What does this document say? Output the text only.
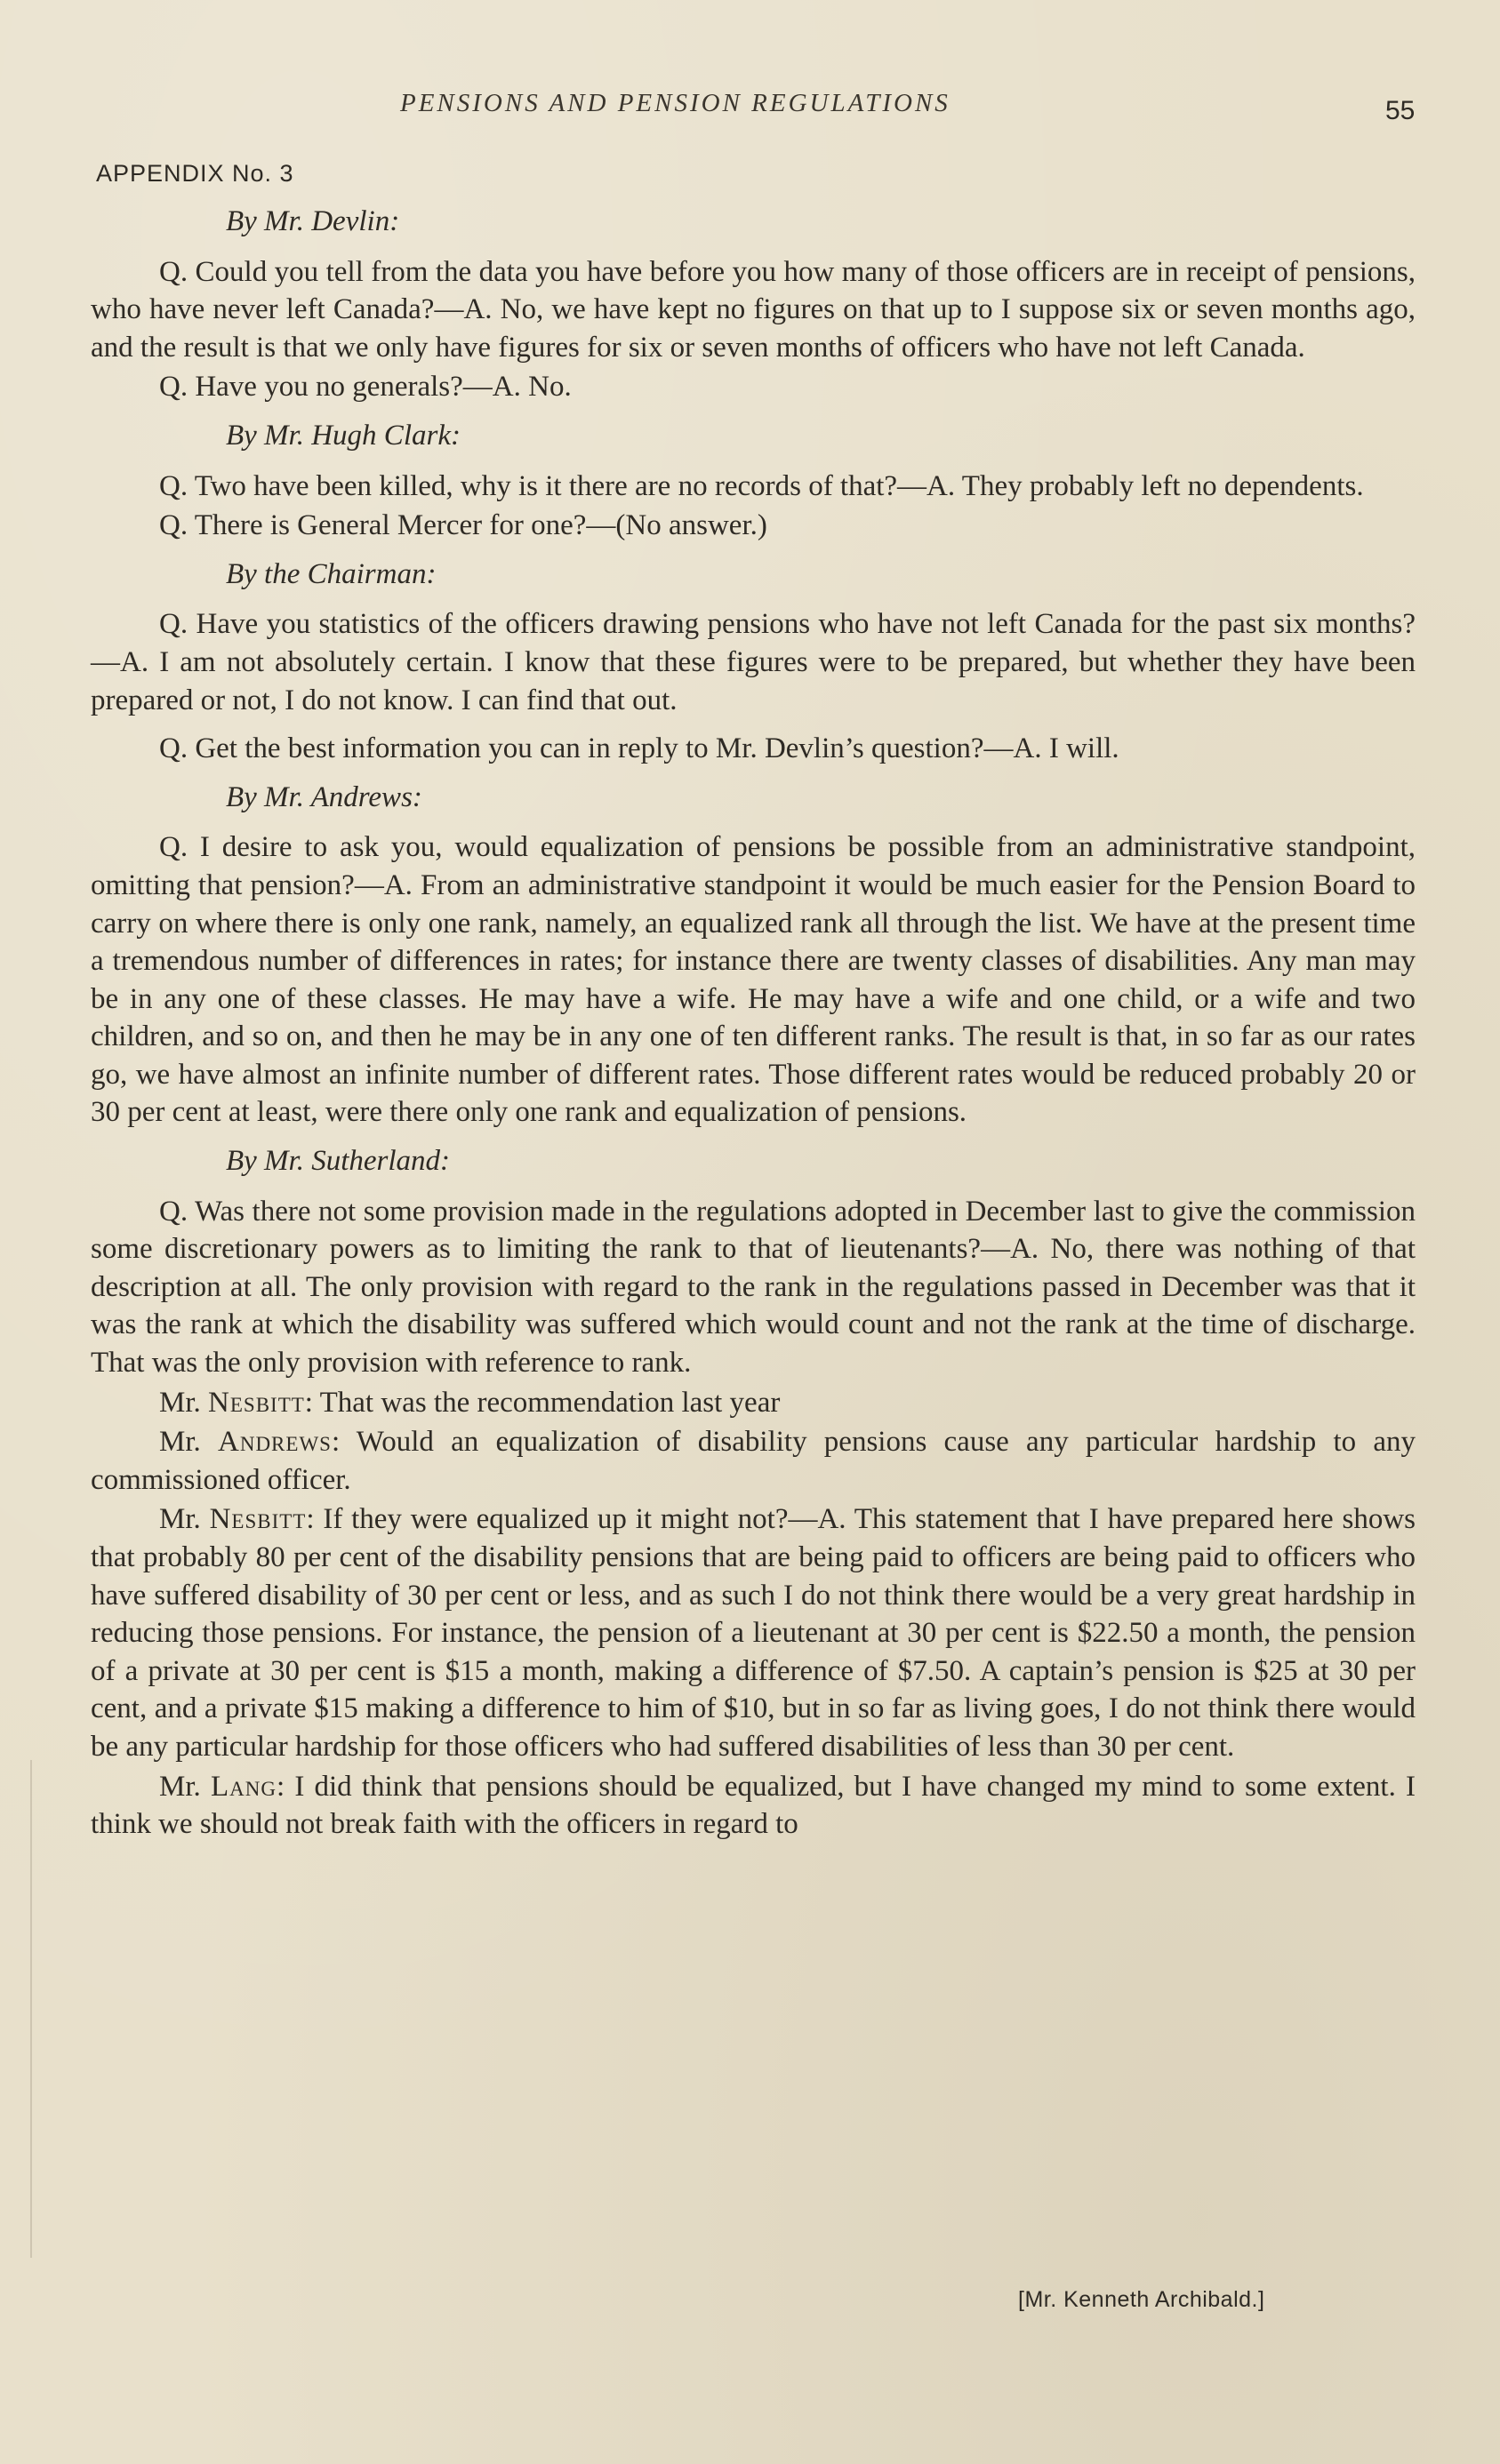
PENSIONS AND PENSION REGULATIONS	55
APPENDIX No. 3
By Mr. Devlin:

Q. Could you tell from the data you have before you how many of those officers are in receipt of pensions, who have never left Canada?—A. No, we have kept no figures on that up to I suppose six or seven months ago, and the result is that we only have figures for six or seven months of officers who have not left Canada.

Q. Have you no generals?—A. No.

By Mr. Hugh Clark:

Q. Two have been killed, why is it there are no records of that?—A. They probably left no dependents.

Q. There is General Mercer for one?—(No answer.)

By the Chairman:

Q. Have you statistics of the officers drawing pensions who have not left Canada for the past six months?—A. I am not absolutely certain. I know that these figures were to be prepared, but whether they have been prepared or not, I do not know. I can find that out.

Q. Get the best information you can in reply to Mr. Devlin’s question?—A. I will.

By Mr. Andrews:

Q. I desire to ask you, would equalization of pensions be possible from an administrative standpoint, omitting that pension?—A. From an administrative standpoint it would be much easier for the Pension Board to carry on where there is only one rank, namely, an equalized rank all through the list. We have at the present time a tremendous number of differences in rates; for instance there are twenty classes of disabilities. Any man may be in any one of these classes. He may have a wife. He may have a wife and one child, or a wife and two children, and so on, and then he may be in any one of ten different ranks. The result is that, in so far as our rates go, we have almost an infinite number of different rates. Those different rates would be reduced probably 20 or 30 per cent at least, were there only one rank and equalization of pensions.

By Mr. Sutherland:

Q. Was there not some provision made in the regulations adopted in December last to give the commission some discretionary powers as to limiting the rank to that of lieutenants?—A. No, there was nothing of that description at all. The only provision with regard to the rank in the regulations passed in December was that it was the rank at which the disability was suffered which would count and not the rank at the time of discharge. That was the only provision with reference to rank.

Mr. Nesbitt: That was the recommendation last year

Mr. Andrews: Would an equalization of disability pensions cause any particular hardship to any commissioned officer.

Mr. Nesbitt: If they were equalized up it might not?—A. This statement that I have prepared here shows that probably 80 per cent of the disability pensions that are being paid to officers are being paid to officers who have suffered disability of 30 per cent or less, and as such I do not think there would be a very great hardship in reducing those pensions. For instance, the pension of a lieutenant at 30 per cent is $22.50 a month, the pension of a private at 30 per cent is $15 a month, making a difference of $7.50. A captain’s pension is $25 at 30 per cent, and a private $15 making a difference to him of $10, but in so far as living goes, I do not think there would be any particular hardship for those officers who had suffered disabilities of less than 30 per cent.

Mr. Lang: I did think that pensions should be equalized, but I have changed my mind to some extent. I think we should not break faith with the officers in regard to

[Mr. Kenneth Archibald.]
